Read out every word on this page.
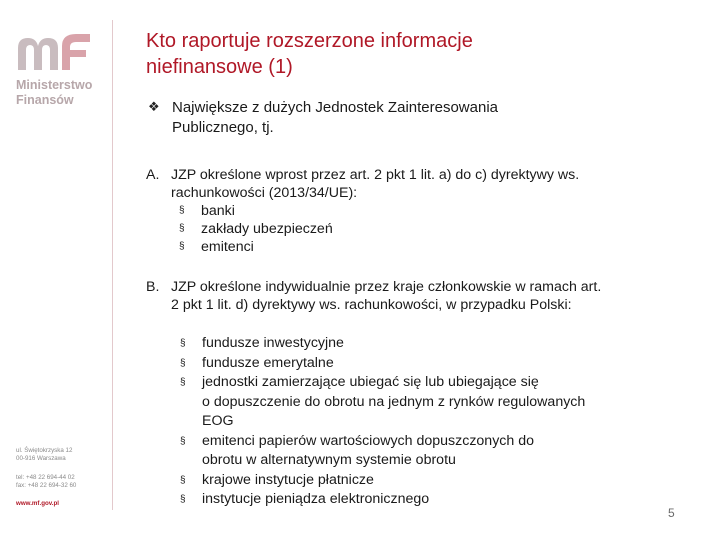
Ministerstwo
Finansów
ul. Świętokrzyska 12
00-916 Warszawa
tel: +48 22 694-44 02
fax: +48 22 694-32 60
www.mf.gov.pl
Kto raportuje rozszerzone informacje
niefinansowe (1)
❖ Największe z dużych Jednostek Zainteresowania
Publicznego, tj.
A. JZP określone wprost przez art. 2 pkt 1 lit. a) do c) dyrektywy ws.
rachunkowości (2013/34/UE):
§ banki
§ zakłady ubezpieczeń
§ emitenci
B. JZP określone indywidualnie przez kraje członkowskie w ramach art.
2 pkt 1 lit. d) dyrektywy ws. rachunkowości, w przypadku Polski:
§ fundusze inwestycyjne
§ fundusze emerytalne
§ jednostki zamierzające ubiegać się lub ubiegające się
o dopuszczenie do obrotu na jednym z rynków regulowanych
EOG
§ emitenci papierów wartościowych dopuszczonych do
obrotu w alternatywnym systemie obrotu
§ krajowe instytucje płatnicze
§ instytucje pieniądza elektronicznego
5
